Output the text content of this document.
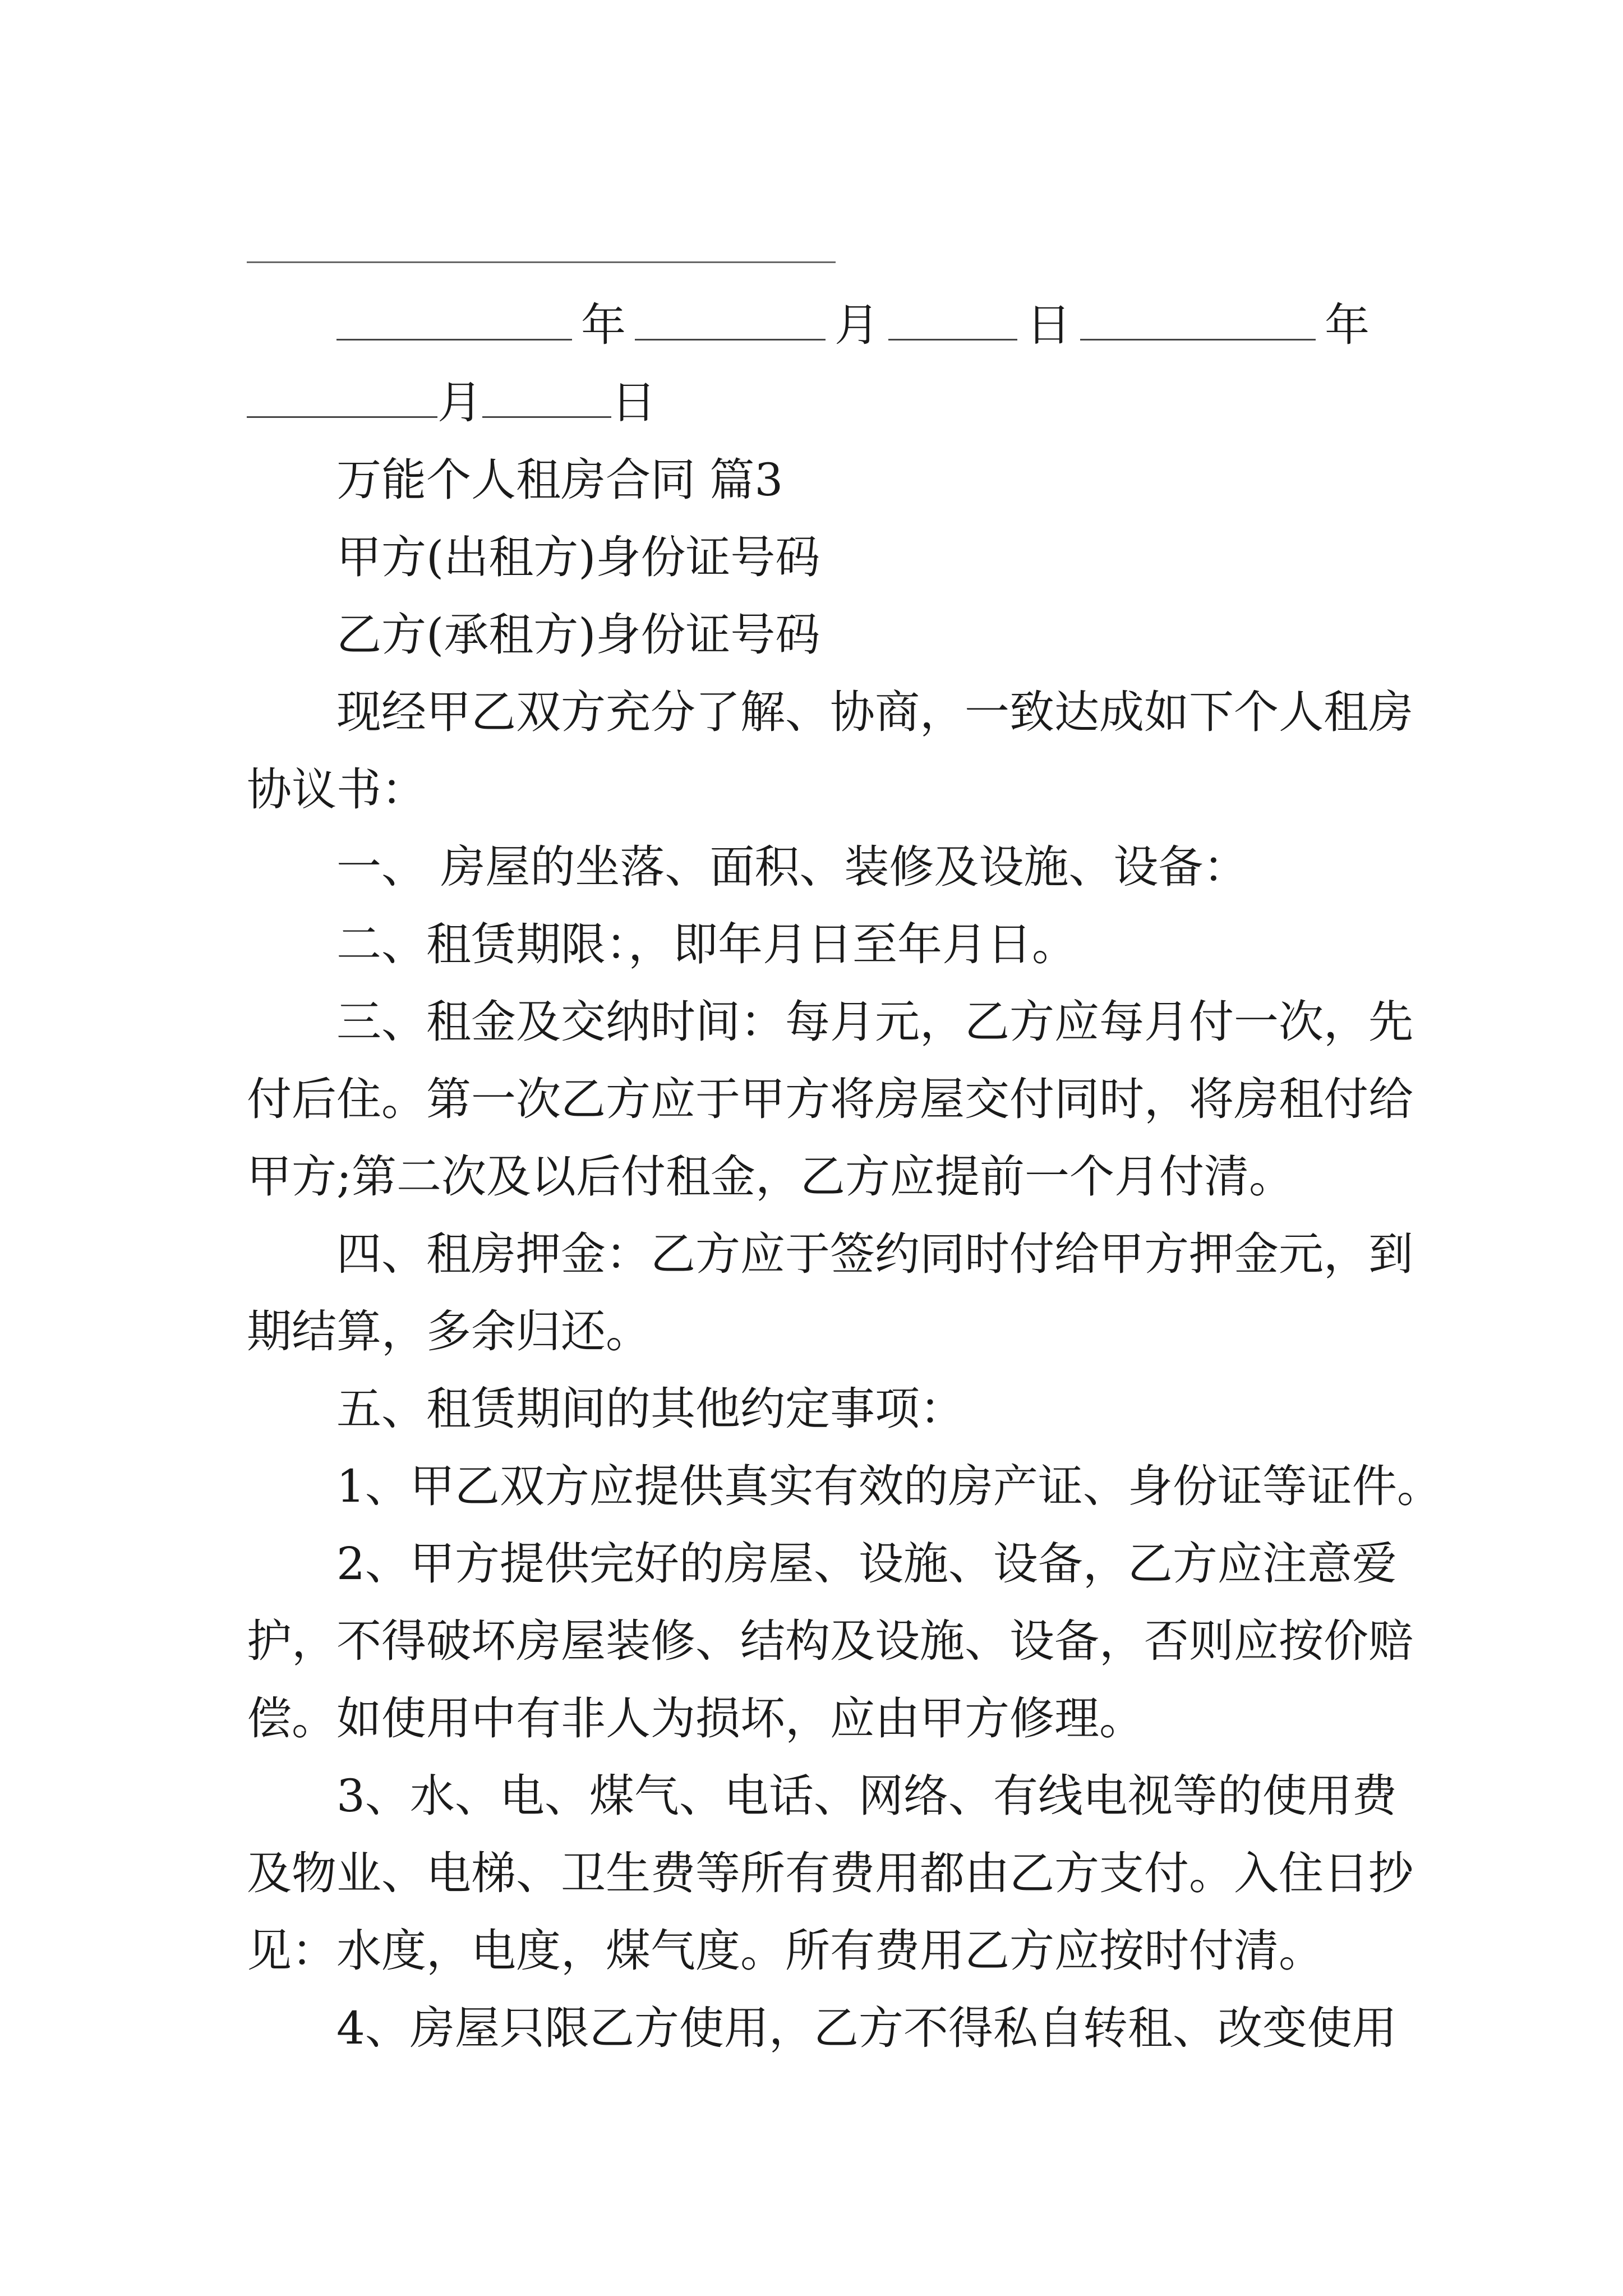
年	月	日	年

月	日

万能个人租房合同 篇3

甲方(出租方)身份证号码

乙方(承租方)身份证号码

现经甲乙双方充分了解、协商，一致达成如下个人租房

协议书：

一、 房屋的坐落、面积、装修及设施、设备：

二、租赁期限：，即年月日至年月日。

三、租金及交纳时间：每月元，乙方应每月付一次，先

付后住。第一次乙方应于甲方将房屋交付同时，将房租付给

甲方;第二次及以后付租金，乙方应提前一个月付清。

四、租房押金：乙方应于签约同时付给甲方押金元，到

期结算，多余归还。

五、租赁期间的其他约定事项：

1、甲乙双方应提供真实有效的房产证、身份证等证件。

2、甲方提供完好的房屋、设施、设备，乙方应注意爱

护，不得破坏房屋装修、结构及设施、设备，否则应按价赔

偿。如使用中有非人为损坏，应由甲方修理。

3、水、电、煤气、电话、网络、有线电视等的使用费

及物业、电梯、卫生费等所有费用都由乙方支付。入住日抄

见：水度，电度，煤气度。所有费用乙方应按时付清。

4、房屋只限乙方使用，乙方不得私自转租、改变使用
